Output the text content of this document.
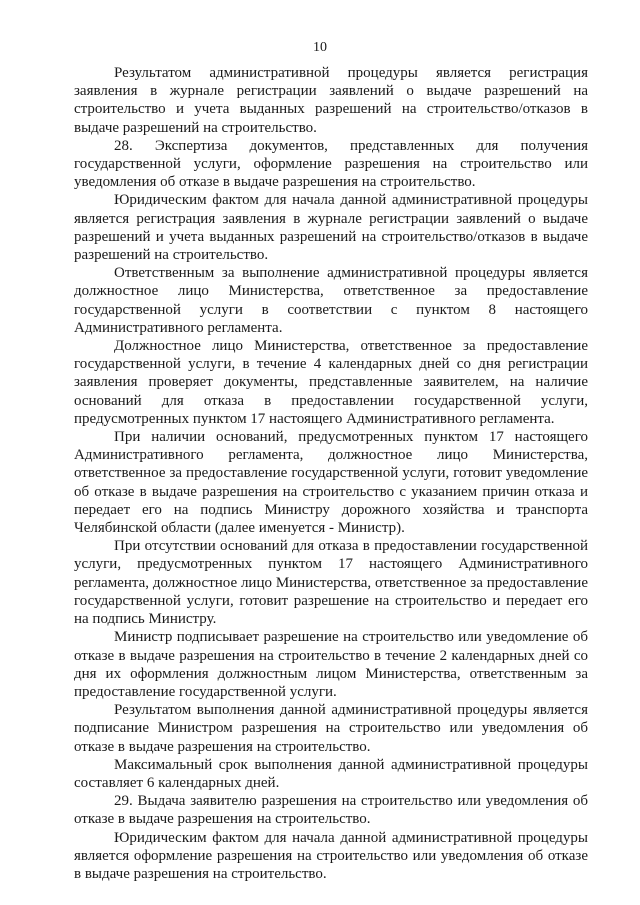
10

Результатом административной процедуры является регистрация заявления в журнале регистрации заявлений о выдаче разрешений на строительство и учета выданных разрешений на строительство/отказов в выдаче разрешений на строительство.

28. Экспертиза документов, представленных для получения государственной услуги, оформление разрешения на строительство или уведомления об отказе в выдаче разрешения на строительство.

Юридическим фактом для начала данной административной процедуры является регистрация заявления в журнале регистрации заявлений о выдаче разрешений и учета выданных разрешений на строительство/отказов в выдаче разрешений на строительство.

Ответственным за выполнение административной процедуры является должностное лицо Министерства, ответственное за предоставление государственной услуги в соответствии с пунктом 8 настоящего Административного регламента.

Должностное лицо Министерства, ответственное за предоставление государственной услуги, в течение 4 календарных дней со дня регистрации заявления проверяет документы, представленные заявителем, на наличие оснований для отказа в предоставлении государственной услуги, предусмотренных пунктом 17 настоящего Административного регламента.

При наличии оснований, предусмотренных пунктом 17 настоящего Административного регламента, должностное лицо Министерства, ответственное за предоставление государственной услуги, готовит уведомление об отказе в выдаче разрешения на строительство с указанием причин отказа и передает его на подпись Министру дорожного хозяйства и транспорта Челябинской области (далее именуется - Министр).

При отсутствии оснований для отказа в предоставлении государственной услуги, предусмотренных пунктом 17 настоящего Административного регламента, должностное лицо Министерства, ответственное за предоставление государственной услуги, готовит разрешение на строительство и передает его на подпись Министру.

Министр подписывает разрешение на строительство или уведомление об отказе в выдаче разрешения на строительство в течение 2 календарных дней со дня их оформления должностным лицом Министерства, ответственным за предоставление государственной услуги.

Результатом выполнения данной административной процедуры является подписание Министром разрешения на строительство или уведомления об отказе в выдаче разрешения на строительство.

Максимальный срок выполнения данной административной процедуры составляет 6 календарных дней.

29. Выдача заявителю разрешения на строительство или уведомления об отказе в выдаче разрешения на строительство.

Юридическим фактом для начала данной административной процедуры является оформление разрешения на строительство или уведомления об отказе в выдаче разрешения на строительство.
